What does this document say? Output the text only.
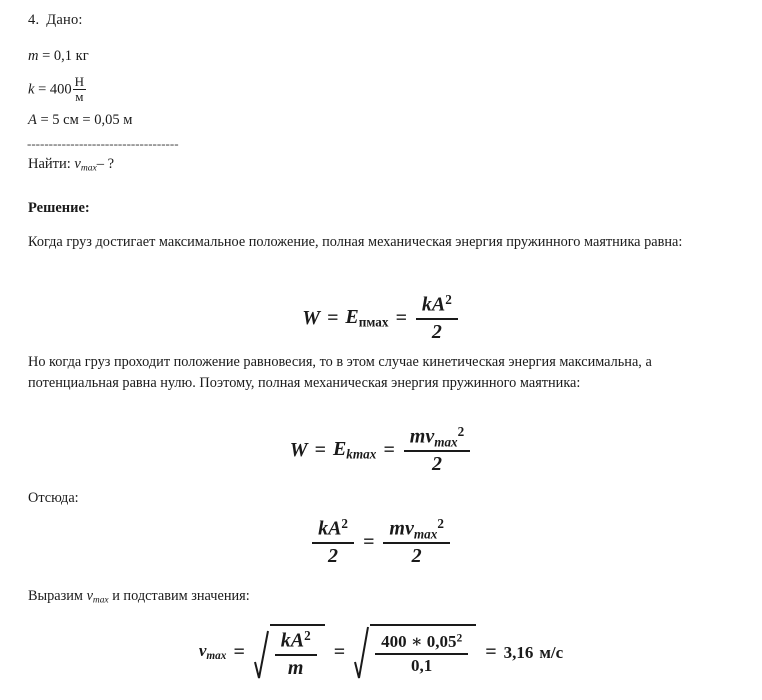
4. Дано:
m = 0,1 кг
k = 400
Н
м
A = 5 см = 0,05 м
-----------------------------------
Найти: $v_{max}-$ ?
Решение:
Когда груз достигает максимальное положение, полная механическая энергия пружинного маятника равна:
W = Eпмах = $\frac{kA^2}{2}$
Но когда груз проходит положение равновесия, то в этом случае кинетическая энергия максимальна, а потенциальная равна нулю. Поэтому, полная механическая энергия пружинного маятника:
$W = E_{kmax} = \frac{mv_{max}^2}{2}$
Отсюда:
$\frac{kA^2}{2} = \frac{mv_{max}^2}{2}$
Выразим $v_{max}$ и подставим значения:
$v_{max} = \frac{kA^2}{m} = \frac{400 ∗ 0,05^2}{0,1} = 3,16$ м/с
